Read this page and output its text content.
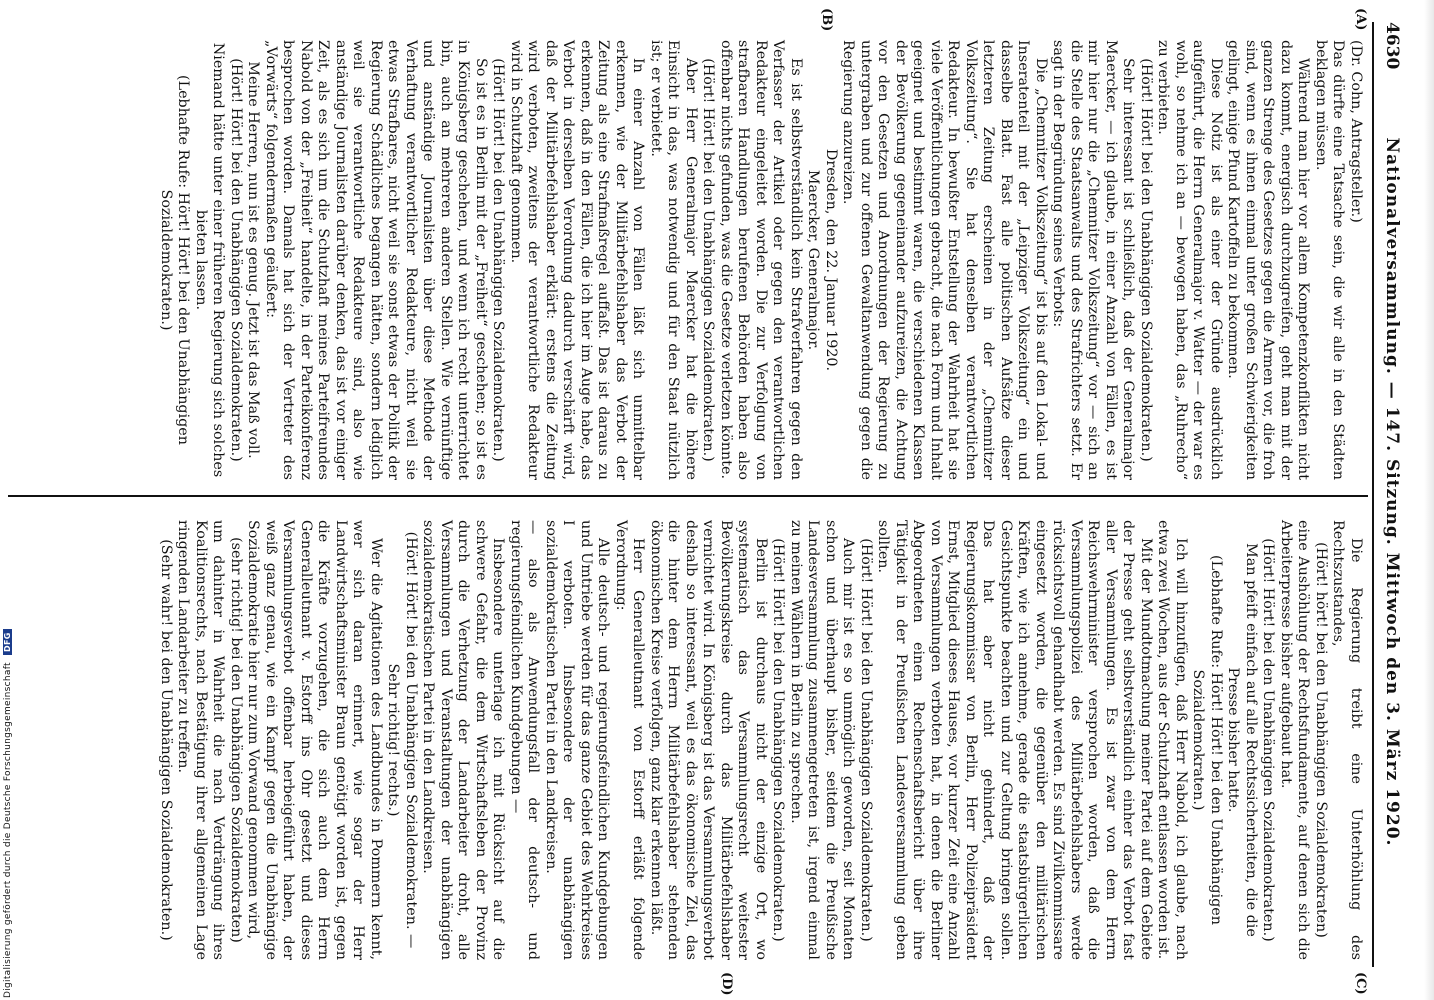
4630
Nationalversammlung. — 147. Sitzung. Mittwoch den 3. März 1920.
(A)
(B)
(C)
(D)

(Dr. Cohn, Antragsteller.)

Das dürfte eine Tatsache sein, die wir alle in den Städten beklagen müssen.

Während man hier vor allem Kompetenzkonflikten nicht dazu kommt, energisch durchzugreifen, geht man mit der ganzen Strenge des Gesetzes gegen die Armen vor, die froh sind, wenn es ihnen einmal unter großen Schwierigkeiten gelingt, einige Pfund Kartoffeln zu bekommen.

Diese Notiz ist als einer der Gründe ausdrücklich aufgeführt, die Herrn Generalmajor v. Watter — der war es wohl, so nehme ich an — bewogen haben, das „Ruhrecho“ zu verbieten.

(Hört! Hört! bei den Unabhängigen Sozialdemokraten.)

Sehr interessant ist schließlich, daß der Generalmajor Maercker, — ich glaube, in einer Anzahl von Fällen, es ist mir hier nur die „Chemnitzer Volkszeitung“ vor — sich an die Stelle des Staatsanwalts und des Strafrichters setzt. Er sagt in der Begründung seines Verbots:

Die „Chemnitzer Volkszeitung“ ist bis auf den Lokal- und Inseratenteil mit der „Leipziger Volkszeitung“ ein und dasselbe Blatt. Fast alle politischen Aufsätze dieser letzteren Zeitung erscheinen in der „Chemnitzer Volkszeitung“. Sie hat denselben verantwortlichen Redakteur. In bewußter Entstellung der Wahrheit hat sie viele Veröffentlichungen gebracht, die nach Form und Inhalt geeignet und bestimmt waren, die verschiedenen Klassen der Bevölkerung gegeneinander aufzureizen, die Achtung vor den Gesetzen und Anordnungen der Regierung zu untergraben und zur offenen Gewaltanwendung gegen die Regierung anzureizen.

Dresden, den 22. Januar 1920.

Maercker, Generalmajor.

Es ist selbstverständlich kein Strafverfahren gegen den Verfasser der Artikel oder gegen den verantwortlichen Redakteur eingeleitet worden. Die zur Verfolgung von strafbaren Handlungen berufenen Behörden haben also offenbar nichts gefunden, was die Gesetze verletzen könnte.

(Hört! Hört! bei den Unabhängigen Sozialdemokraten.)

Aber Herr Generalmajor Maercker hat die höhere Einsicht in das, was notwendig und für den Staat nützlich ist; er verbietet.

In einer Anzahl von Fällen läßt sich unmittelbar erkennen, wie der Militärbefehlshaber das Verbot der Zeitung als eine Strafmaßregel auffaßt. Das ist daraus zu erkennen, daß in den Fällen, die ich hier im Auge habe, das Verbot in derselben Verordnung dadurch verschärft wird, daß der Militärbefehlshaber erklärt: erstens die Zeitung wird verboten, zweitens der verantwortliche Redakteur wird in Schutzhaft genommen.

(Hört! Hört! bei den Unabhängigen Sozialdemokraten.)

So ist es in Berlin mit der „Freiheit“ geschehen; so ist es in Königsberg geschehen, und wenn ich recht unterrichtet bin, auch an mehreren anderen Stellen. Wie vernünftige und anständige Journalisten über diese Methode der Verhaftung verantwortlicher Redakteure, nicht weil sie etwas Strafbares, nicht weil sie sonst etwas der Politik der Regierung Schädliches begangen hätten, sondern lediglich weil sie verantwortliche Redakteure sind, also wie anständige Journalisten darüber denken, das ist vor einiger Zeit, als es sich um die Schutzhaft meines Parteifreundes Nabold von der „Freiheit“ handelte, in der Parteikonferenz besprochen worden. Damals hat sich der Vertreter des „Vorwärts“ folgendermaßen geäußert:

Meine Herren, nun ist es genug. Jetzt ist das Maß voll.

(Hört! Hört! bei den Unabhängigen Sozialdemokraten.)

Niemand hätte unter einer früheren Regierung sich solches bieten lassen.

(Lebhafte Rufe: Hört! Hört! bei den Unabhängigen Sozialdemokraten.)

Die Regierung treibt eine Unterhöhlung des Rechtszustandes,

(Hört! hört! bei den Unabhängigen Sozialdemokraten)

eine Aushöhlung der Rechtsfundamente, auf denen sich die Arbeiterpresse bisher aufgebaut hat.

(Hört! Hört! bei den Unabhängigen Sozialdemokraten.)

Man pfeift einfach auf alle Rechtssicherheiten, die die Presse bisher hatte.

(Lebhafte Rufe: Hört! Hört! bei den Unabhängigen Sozialdemokraten.)

Ich will hinzufügen, daß Herr Nabold, ich glaube, nach etwa zwei Wochen, aus der Schutzhaft entlassen worden ist.

Mit der Mundtotmachung meiner Partei auf dem Gebiete der Presse geht selbstverständlich einher das Verbot fast aller Versammlungen. Es ist zwar von dem Herrn Reichswehrminister versprochen worden, daß die Versammlungspolizei des Militärbefehlshabers werde rücksichtsvoll gehandhabt werden. Es sind Zivilkommissare eingesetzt worden, die gegenüber den militärischen Kräften, wie ich annehme, gerade die staatsbürgerlichen Gesichtspunkte beachten und zur Geltung bringen sollen. Das hat aber nicht gehindert, daß der Regierungskommissar von Berlin, Herr Polizeipräsident Ernst, Mitglied dieses Hauses, vor kurzer Zeit eine Anzahl von Versammlungen verboten hat, in denen die Berliner Abgeordneten einen Rechenschaftsbericht über ihre Tätigkeit in der Preußischen Landesversammlung geben sollten.

(Hört! Hört! bei den Unabhängigen Sozialdemokraten.)

Auch mir ist es so unmöglich geworden, seit Monaten schon und überhaupt bisher, seitdem die Preußische Landesversammlung zusammengetreten ist, irgend einmal zu meinen Wählern in Berlin zu sprechen.

(Hört! Hört! bei den Unabhängigen Sozialdemokraten.)

Berlin ist durchaus nicht der einzige Ort, wo systematisch das Versammlungsrecht weitester Bevölkerungskreise durch das Militärbefehlshaber vernichtet wird. In Königsberg ist das Versammlungsverbot deshalb so interessant, weil es das ökonomische Ziel, das die hinter dem Herrn Militärbefehlshaber stehenden ökonomischen Kreise verfolgen, ganz klar erkennen läßt.

Herr Generalleutnant von Estorff erläßt folgende Verordnung:

Alle deutsch- und regierungsfeindlichen Kundgebungen und Umtriebe werden für das ganze Gebiet des Wehrkreises I verboten. Insbesondere der unabhängigen sozialdemokratischen Partei in den Landkreisen.

— also als Anwendungsfall der deutsch- und regierungsfeindlichen Kundgebungen —

Insbesondere unterlage ich mit Rücksicht auf die schwere Gefahr, die dem Wirtschaftsleben der Provinz durch die Verhetzung der Landarbeiter droht, alle Versammlungen und Veranstaltungen der unabhängigen sozialdemokratischen Partei in den Landkreisen.

(Hört! Hört! bei den Unabhängigen Sozialdemokraten. — Sehr richtig! rechts.)

Wer die Agitationen des Landbundes in Pommern kennt, wer sich daran erinnert, wie sogar der Herr Landwirtschaftsminister Braun genötigt worden ist, gegen die Kräfte vorzugehen, die sich auch dem Herrn Generalleutnant v. Estorff ins Ohr gesetzt und dieses Versammlungsverbot offenbar herbeigeführt haben, der weiß ganz genau, wie ein Kampf gegen die Unabhängige Sozialdemokratie hier nur zum Vorwand genommen wird,

(sehr richtig! bei den Unabhängigen Sozialdemokraten)

um dahinter in Wahrheit die nach Verdrängung ihres Koalitionsrechts, nach Bestätigung ihrer allgemeinen Lage ringenden Landarbeiter zu treffen.

(Sehr wahr! bei den Unabhängigen Sozialdemokraten.)

Digitalisierung gefördert durch die Deutsche Forschungsgemeinschaft DFG
